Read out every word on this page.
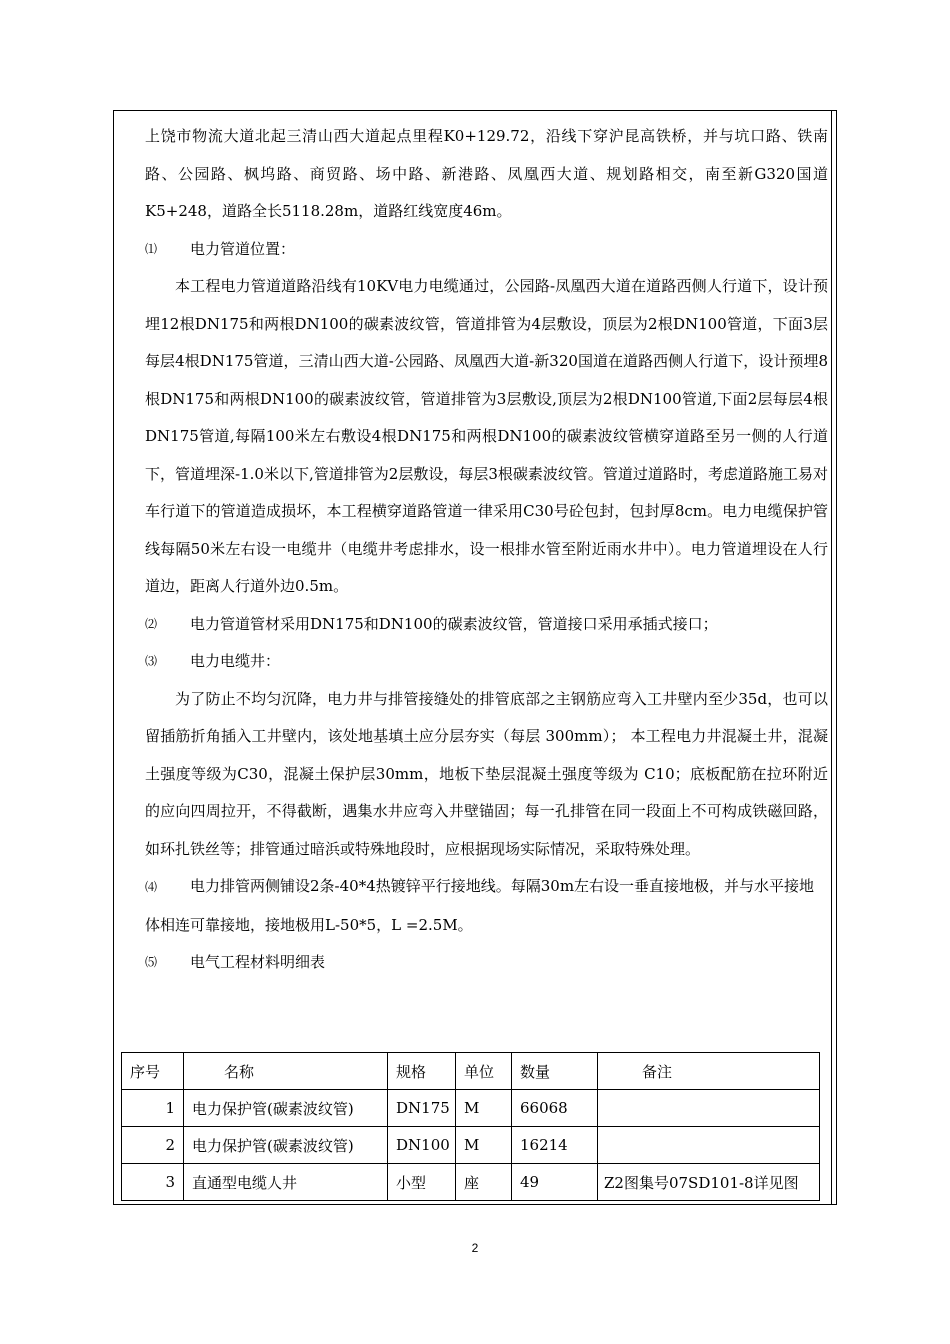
上饶市物流大道北起三清山西大道起点里程K0+129.72，沿线下穿沪昆高铁桥，并与坑口路、铁南路、公园路、枫坞路、商贸路、场中路、新港路、凤凰西大道、规划路相交，南至新G320国道K5+248，道路全长5118.28m，道路红线宽度46m。

⑴	电力管道位置：

本工程电力管道道路沿线有10KV电力电缆通过，公园路-凤凰西大道在道路西侧人行道下，设计预埋12根DN175和两根DN100的碳素波纹管，管道排管为4层敷设，顶层为2根DN100管道，下面3层每层4根DN175管道，三清山西大道-公园路、凤凰西大道-新320国道在道路西侧人行道下，设计预埋8根DN175和两根DN100的碳素波纹管，管道排管为3层敷设,顶层为2根DN100管道,下面2层每层4根DN175管道,每隔100米左右敷设4根DN175和两根DN100的碳素波纹管横穿道路至另一侧的人行道下，管道埋深-1.0米以下,管道排管为2层敷设，每层3根碳素波纹管。管道过道路时，考虑道路施工易对车行道下的管道造成损坏，本工程横穿道路管道一律采用C30号砼包封，包封厚8cm。电力电缆保护管线每隔50米左右设一电缆井（电缆井考虑排水，设一根排水管至附近雨水井中）。电力管道埋设在人行道边，距离人行道外边0.5m。

⑵	电力管道管材采用DN175和DN100的碳素波纹管，管道接口采用承插式接口；
⑶	电力电缆井：

为了防止不均匀沉降，电力井与排管接缝处的排管底部之主钢筋应弯入工井壁内至少35d，也可以留插筋折角插入工井壁内，该处地基填土应分层夯实（每层 300mm）； 本工程电力井混凝土井，混凝土强度等级为C30，混凝土保护层30mm，地板下垫层混凝土强度等级为 C10；底板配筋在拉环附近的应向四周拉开，不得截断，遇集水井应弯入井壁锚固；每一孔排管在同一段面上不可构成铁磁回路，如环扎铁丝等；排管通过暗浜或特殊地段时，应根据现场实际情况，采取特殊处理。

⑷ 电力排管两侧铺设2条-40*4热镀锌平行接地线。每隔30m左右设一垂直接地极，并与水平接地体相连可靠接地，接地极用L-50*5，L =2.5M。
⑸	电气工程材料明细表
序号	名称	规格	单位	数量	备注
1	电力保护管(碳素波纹管)	DN175	M	66068	
2	电力保护管(碳素波纹管)	DN100	M	16214	
3	直通型电缆人井	小型	座	49	Z2图集号07SD101-8详见图
2
